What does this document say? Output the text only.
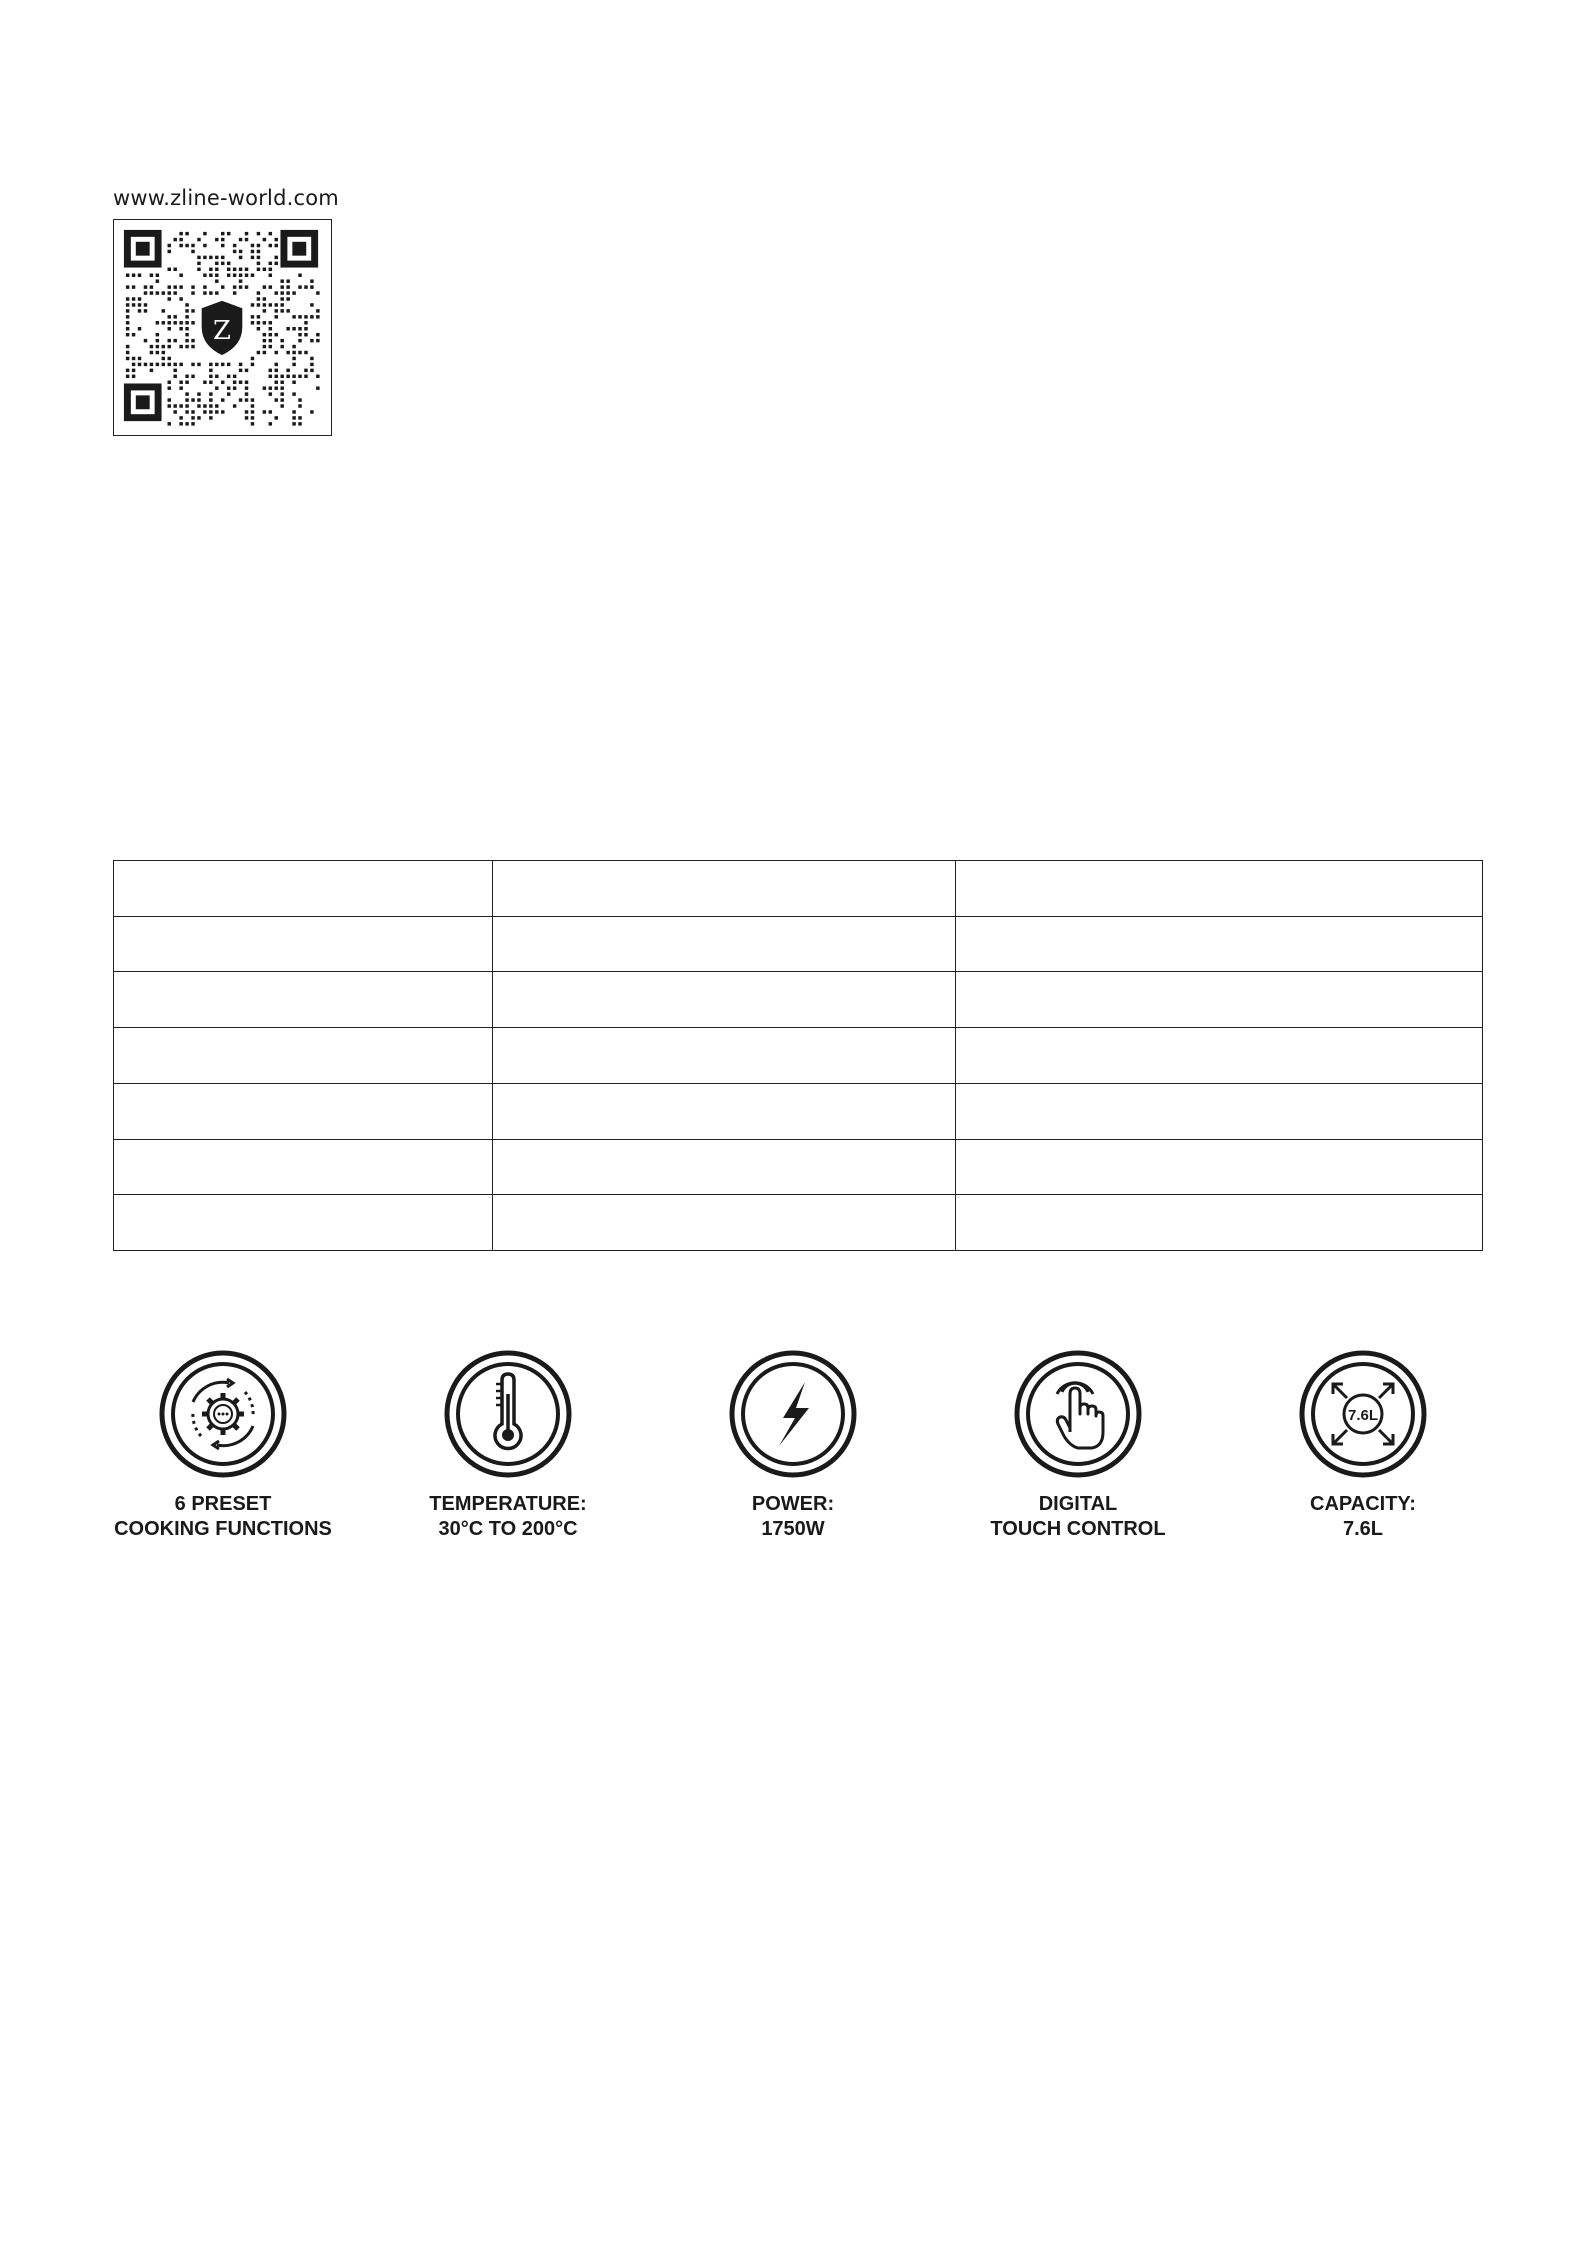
www.zline-world.com
Z

6 PRESET
COOKING FUNCTIONS
TEMPERATURE:
30°C TO 200°C
POWER:
1750W
DIGITAL
TOUCH CONTROL
7.6L
CAPACITY:
7.6L
